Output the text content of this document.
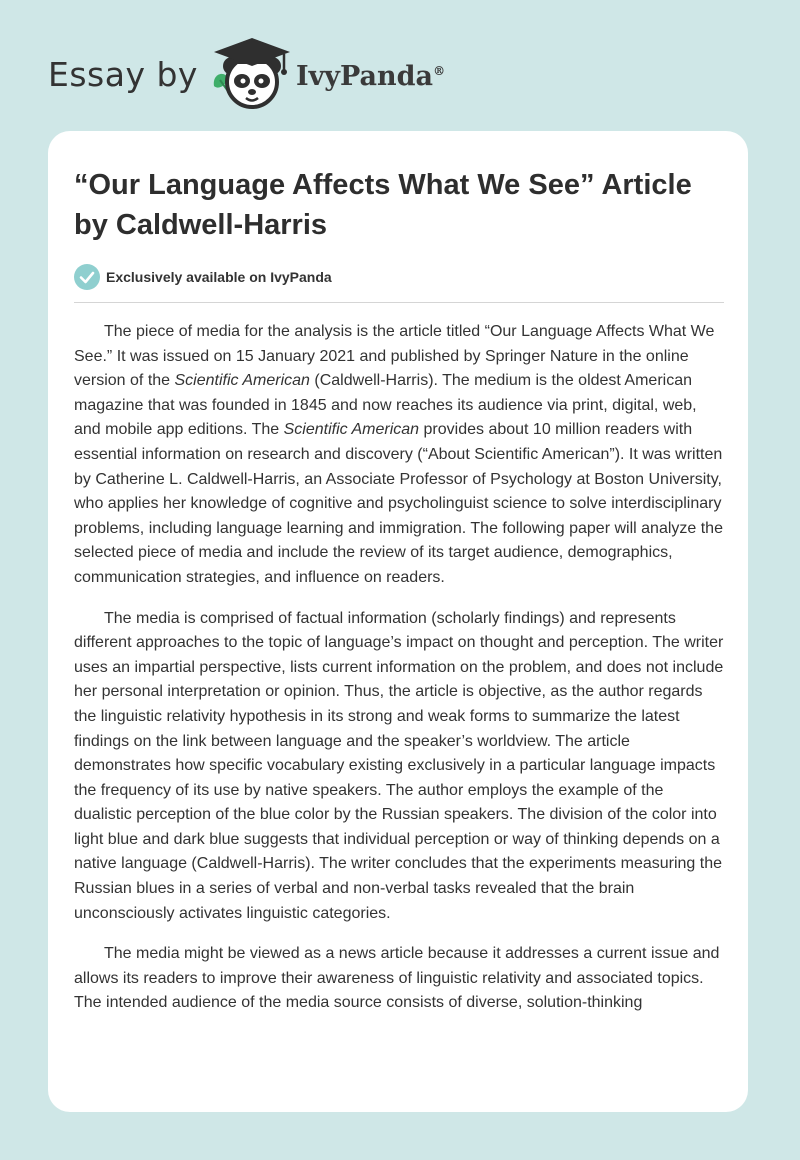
Essay by	IvyPanda®
“Our Language Affects What We See” Article by Caldwell-Harris
Exclusively available on IvyPanda

The piece of media for the analysis is the article titled “Our Language Affects What We See.” It was issued on 15 January 2021 and published by Springer Nature in the online version of the Scientific American (Caldwell-Harris). The medium is the oldest American magazine that was founded in 1845 and now reaches its audience via print, digital, web, and mobile app editions. The Scientific American provides about 10 million readers with essential information on research and discovery (“About Scientific American”). It was written by Catherine L. Caldwell-Harris, an Associate Professor of Psychology at Boston University, who applies her knowledge of cognitive and psycholinguist science to solve interdisciplinary problems, including language learning and immigration. The following paper will analyze the selected piece of media and include the review of its target audience, demographics, communication strategies, and influence on readers.

The media is comprised of factual information (scholarly findings) and represents different approaches to the topic of language’s impact on thought and perception. The writer uses an impartial perspective, lists current information on the problem, and does not include her personal interpretation or opinion. Thus, the article is objective, as the author regards the linguistic relativity hypothesis in its strong and weak forms to summarize the latest findings on the link between language and the speaker’s worldview. The article demonstrates how specific vocabulary existing exclusively in a particular language impacts the frequency of its use by native speakers. The author employs the example of the dualistic perception of the blue color by the Russian speakers. The division of the color into light blue and dark blue suggests that individual perception or way of thinking depends on a native language (Caldwell-Harris). The writer concludes that the experiments measuring the Russian blues in a series of verbal and non-verbal tasks revealed that the brain unconsciously activates linguistic categories.

The media might be viewed as a news article because it addresses a current issue and allows its readers to improve their awareness of linguistic relativity and associated topics. The intended audience of the media source consists of diverse, solution-thinking
